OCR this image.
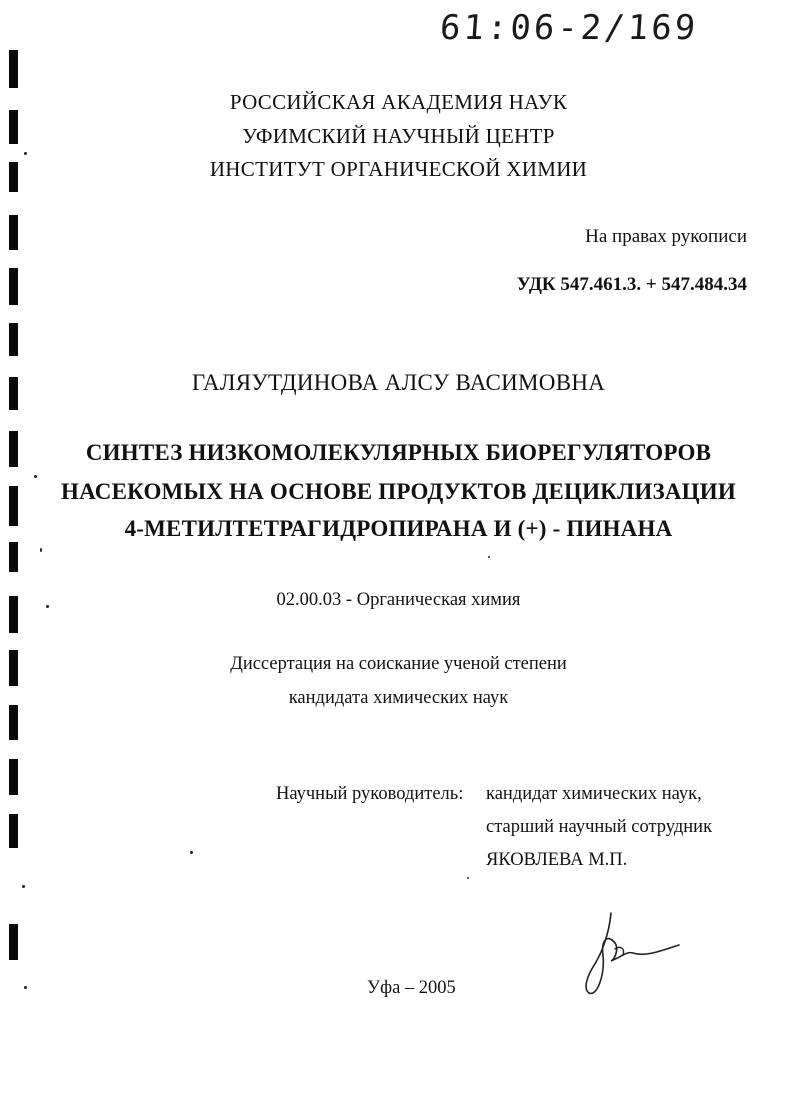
61:06-2/169
РОССИЙСКАЯ АКАДЕМИЯ НАУК
УФИМСКИЙ НАУЧНЫЙ ЦЕНТР
ИНСТИТУТ ОРГАНИЧЕСКОЙ ХИМИИ
На правах рукописи
УДК 547.461.3. + 547.484.34
ГАЛЯУТДИНОВА АЛСУ ВАСИМОВНА
СИНТЕЗ НИЗКОМОЛЕКУЛЯРНЫХ БИОРЕГУЛЯТОРОВ
НАСЕКОМЫХ НА ОСНОВЕ ПРОДУКТОВ ДЕЦИКЛИЗАЦИИ
4-МЕТИЛТЕТРАГИДРОПИРАНА И (+) - ПИНАНА
02.00.03 - Органическая химия
Диссертация на соискание ученой степени
кандидата химических наук
Научный руководитель: кандидат химических наук,
старший научный сотрудник
ЯКОВЛЕВА М.П.
Уфа – 2005
